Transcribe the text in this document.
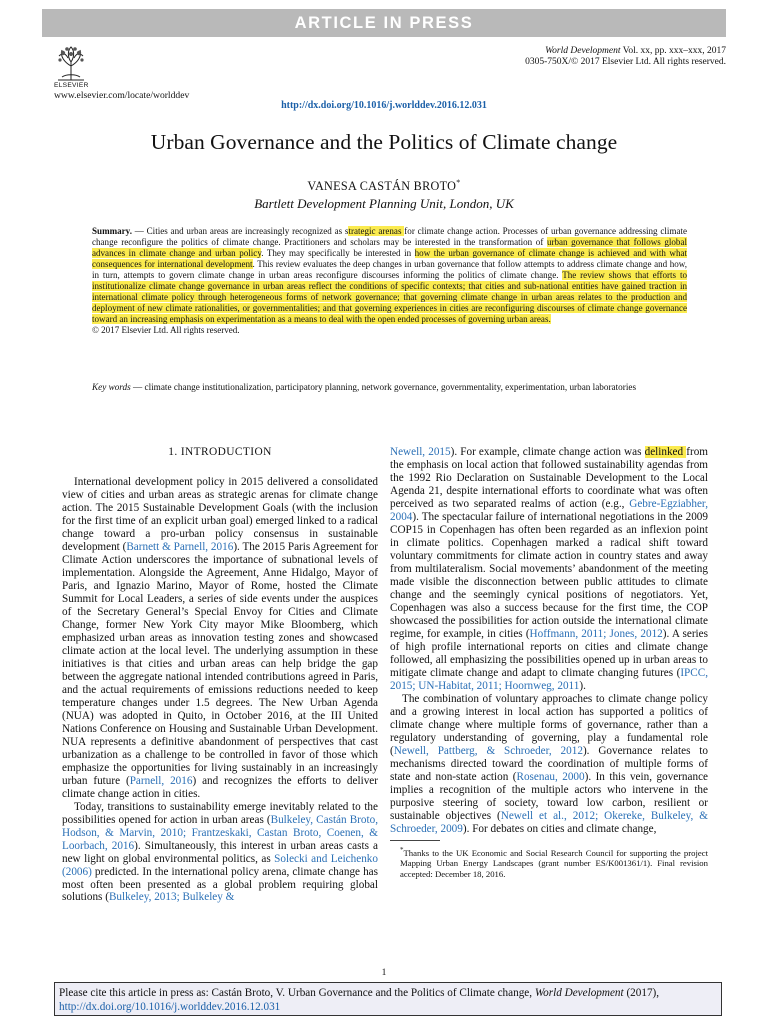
ARTICLE IN PRESS
ELSEVIER
www.elsevier.com/locate/worlddev
World Development Vol. xx, pp. xxx–xxx, 2017
0305-750X/© 2017 Elsevier Ltd. All rights reserved.
http://dx.doi.org/10.1016/j.worlddev.2016.12.031
Urban Governance and the Politics of Climate change
VANESA CASTÁN BROTO*
Bartlett Development Planning Unit, London, UK
Summary. — Cities and urban areas are increasingly recognized as strategic arenas for climate change action. Processes of urban governance addressing climate change reconfigure the politics of climate change. Practitioners and scholars may be interested in the transformation of urban governance that follows global advances in climate change and urban policy. They may specifically be interested in how the urban governance of climate change is achieved and with what consequences for international development. This review evaluates the deep changes in urban governance that follow attempts to address climate change and how, in turn, attempts to govern climate change in urban areas reconfigure discourses informing the politics of climate change. The review shows that efforts to institutionalize climate change governance in urban areas reflect the conditions of specific contexts; that cities and sub-national entities have gained traction in international climate policy through heterogeneous forms of network governance; that governing climate change in urban areas relates to the production and deployment of new climate rationalities, or governmentalities; and that governing experiences in cities are reconfiguring discourses of climate change governance toward an increasing emphasis on experimentation as a means to deal with the open ended processes of governing urban areas.
© 2017 Elsevier Ltd. All rights reserved.
Key words — climate change institutionalization, participatory planning, network governance, governmentality, experimentation, urban laboratories

1. INTRODUCTION

International development policy in 2015 delivered a consolidated view of cities and urban areas as strategic arenas for climate change action. The 2015 Sustainable Development Goals (with the inclusion for the first time of an explicit urban goal) emerged linked to a radical change toward a pro-urban policy consensus in sustainable development (Barnett & Parnell, 2016). The 2015 Paris Agreement for Climate Action underscores the importance of subnational levels of implementation. Alongside the Agreement, Anne Hidalgo, Mayor of Paris, and Ignazio Marino, Mayor of Rome, hosted the Climate Summit for Local Leaders, a series of side events under the auspices of the Secretary General’s Special Envoy for Cities and Climate Change, former New York City mayor Mike Bloomberg, which emphasized urban areas as innovation testing zones and showcased climate action at the local level. The underlying assumption in these initiatives is that cities and urban areas can help bridge the gap between the aggregate national intended contributions agreed in Paris, and the actual requirements of emissions reductions needed to keep temperature changes under 1.5 degrees. The New Urban Agenda (NUA) was adopted in Quito, in October 2016, at the III United Nations Conference on Housing and Sustainable Urban Development. NUA represents a definitive abandonment of perspectives that cast urbanization as a challenge to be controlled in favor of those which emphasize the opportunities for living sustainably in an increasingly urban future (Parnell, 2016) and recognizes the efforts to deliver climate change action in cities.

Today, transitions to sustainability emerge inevitably related to the possibilities opened for action in urban areas (Bulkeley, Castán Broto, Hodson, & Marvin, 2010; Frantzeskaki, Castan Broto, Coenen, & Loorbach, 2016). Simultaneously, this interest in urban areas casts a new light on global environmental politics, as Solecki and Leichenko (2006) predicted. In the international policy arena, climate change has most often been presented as a global problem requiring global solutions (Bulkeley, 2013; Bulkeley &

Newell, 2015). For example, climate change action was delinked from the emphasis on local action that followed sustainability agendas from the 1992 Rio Declaration on Sustainable Development to the Local Agenda 21, despite international efforts to coordinate what was often perceived as two separated realms of action (e.g., Gebre-Egziabher, 2004). The spectacular failure of international negotiations in the 2009 COP15 in Copenhagen has often been regarded as an inflexion point in climate politics. Copenhagen marked a radical shift toward voluntary commitments for climate action in country states and away from multilateralism. Social movements’ abandonment of the meeting made visible the disconnection between public attitudes to climate change and the seemingly cynical positions of negotiators. Yet, Copenhagen was also a success because for the first time, the COP showcased the possibilities for action outside the international climate regime, for example, in cities (Hoffmann, 2011; Jones, 2012). A series of high profile international reports on cities and climate change followed, all emphasizing the possibilities opened up in urban areas to mitigate climate change and adapt to climate changing futures (IPCC, 2015; UN-Habitat, 2011; Hoornweg, 2011).

The combination of voluntary approaches to climate change policy and a growing interest in local action has supported a politics of climate change where multiple forms of governance, rather than a regulatory understanding of governing, play a fundamental role (Newell, Pattberg, & Schroeder, 2012). Governance relates to mechanisms directed toward the coordination of multiple forms of state and non-state action (Rosenau, 2000). In this vein, governance implies a recognition of the multiple actors who intervene in the purposive steering of society, toward low carbon, resilient or sustainable objectives (Newell et al., 2012; Okereke, Bulkeley, & Schroeder, 2009). For debates on cities and climate change,

*Thanks to the UK Economic and Social Research Council for supporting the project Mapping Urban Energy Landscapes (grant number ES/K001361/1). Final revision accepted: December 18, 2016.
1
Please cite this article in press as: Castán Broto, V. Urban Governance and the Politics of Climate change, World Development (2017),
http://dx.doi.org/10.1016/j.worlddev.2016.12.031
